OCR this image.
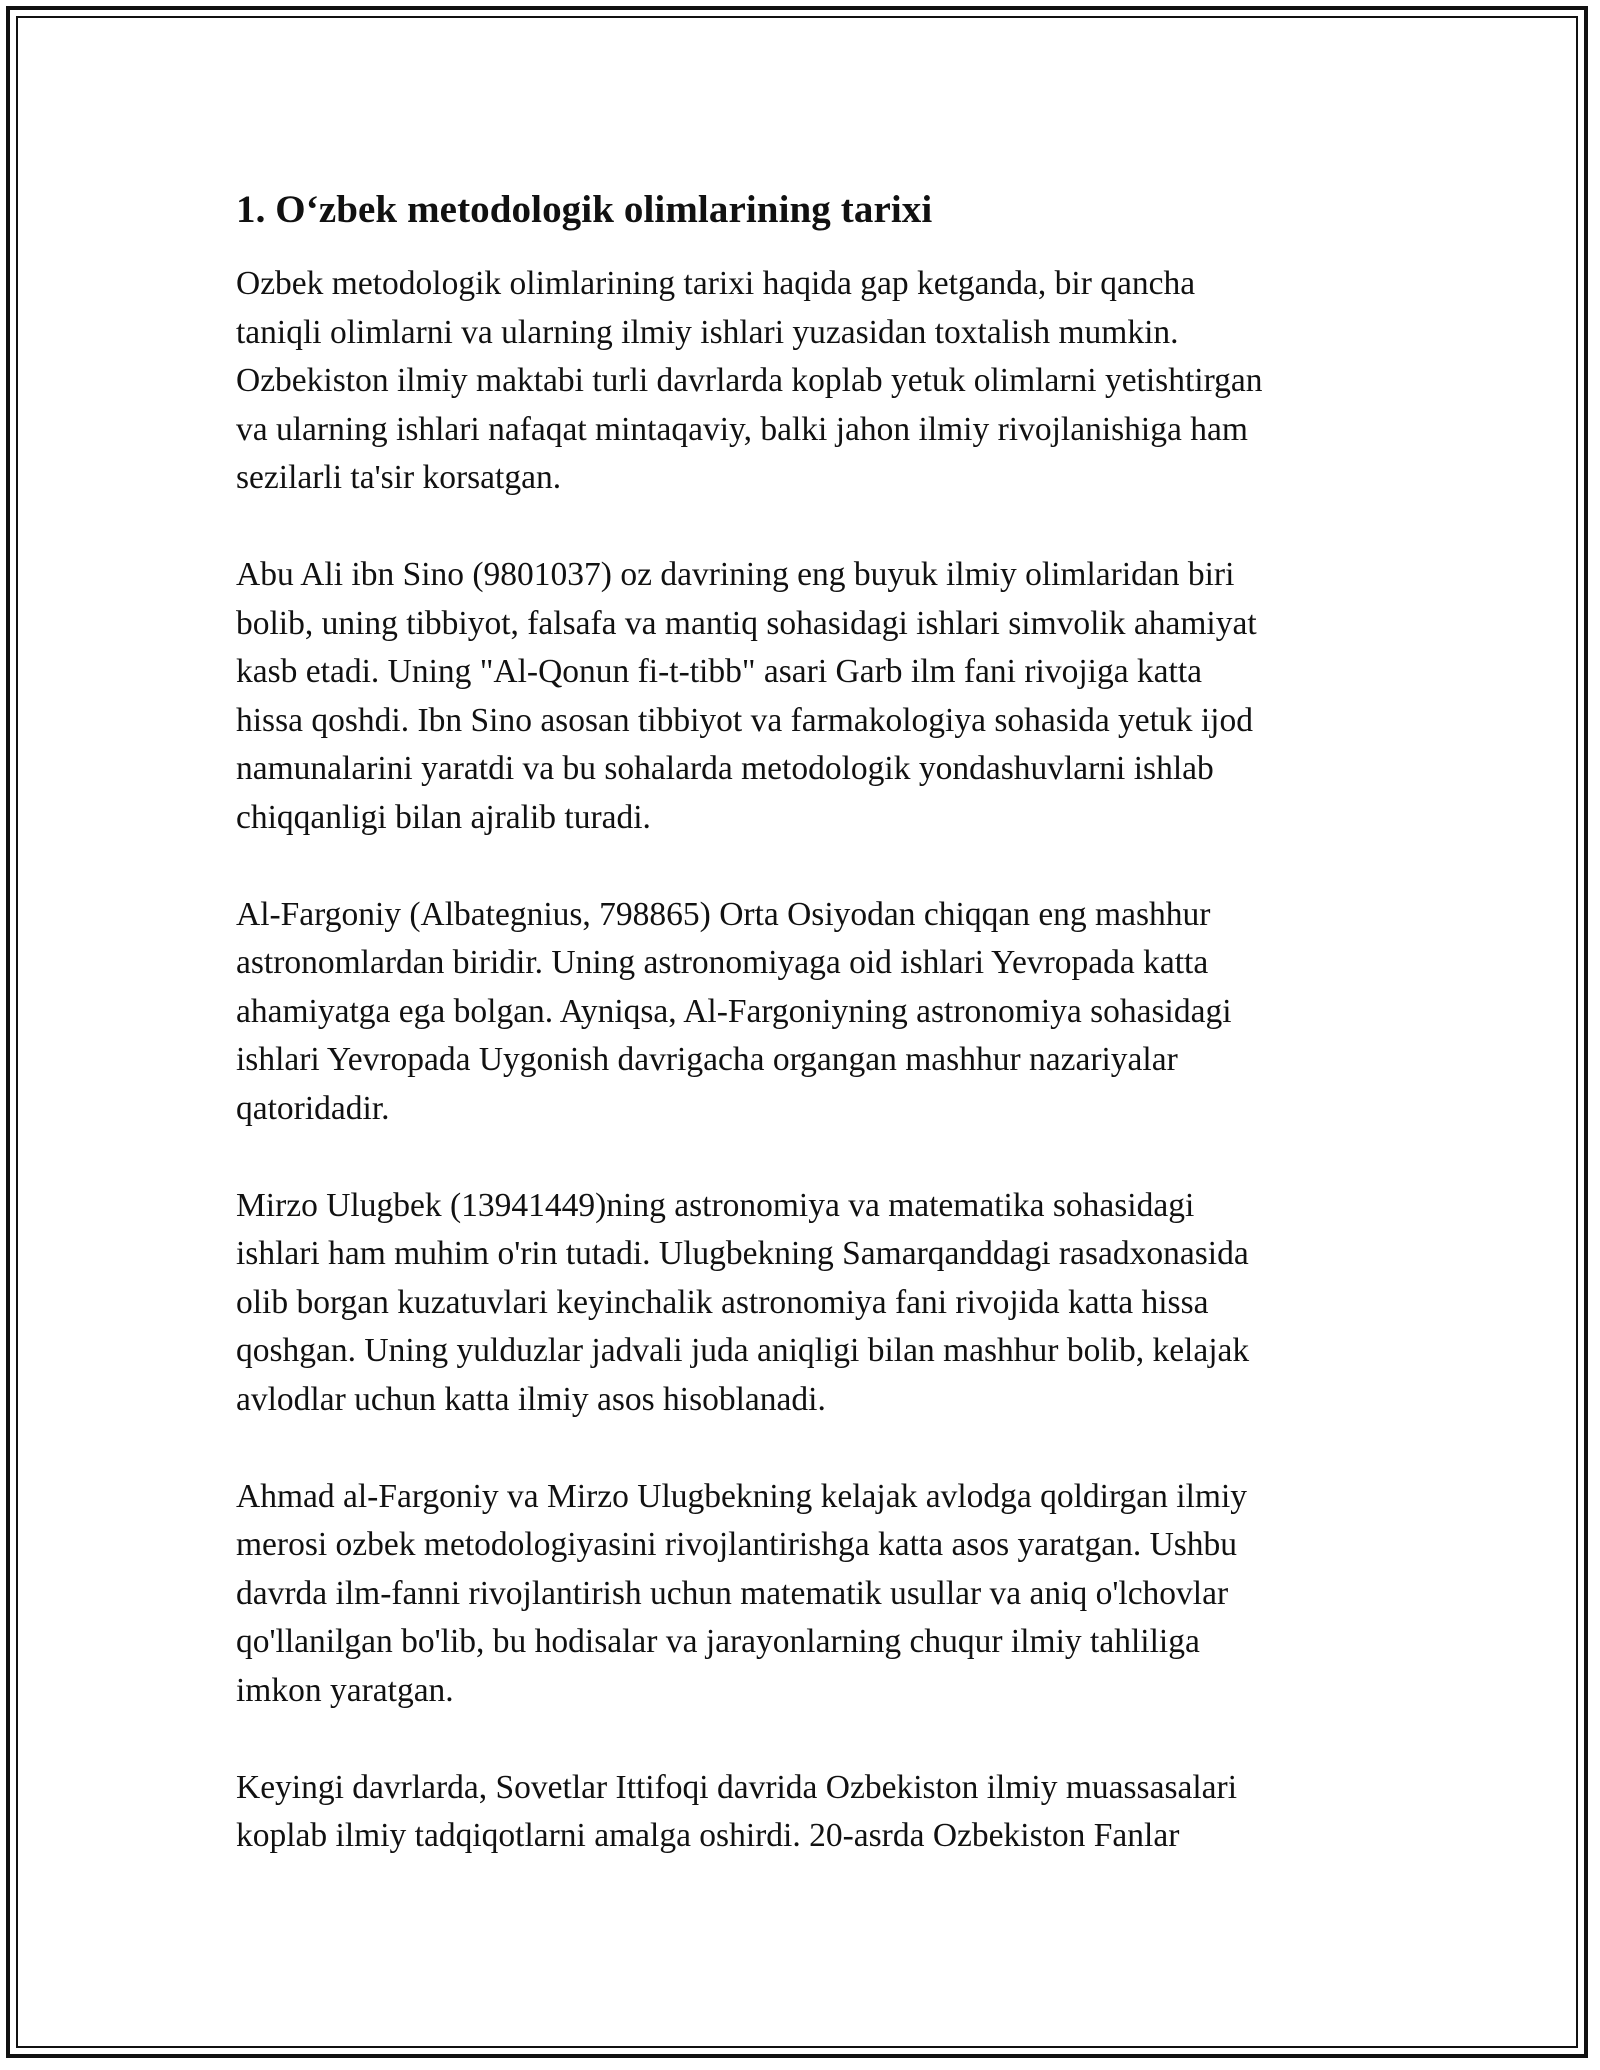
1. O‘zbek metodologik olimlarining tarixi
Ozbek metodologik olimlarining tarixi haqida gap ketganda, bir qancha
taniqli olimlarni va ularning ilmiy ishlari yuzasidan toxtalish mumkin.
Ozbekiston ilmiy maktabi turli davrlarda koplab yetuk olimlarni yetishtirgan
va ularning ishlari nafaqat mintaqaviy, balki jahon ilmiy rivojlanishiga ham
sezilarli ta'sir korsatgan.
Abu Ali ibn Sino (9801037) oz davrining eng buyuk ilmiy olimlaridan biri
bolib, uning tibbiyot, falsafa va mantiq sohasidagi ishlari simvolik ahamiyat
kasb etadi. Uning "Al-Qonun fi-t-tibb" asari Garb ilm fani rivojiga katta
hissa qoshdi. Ibn Sino asosan tibbiyot va farmakologiya sohasida yetuk ijod
namunalarini yaratdi va bu sohalarda metodologik yondashuvlarni ishlab
chiqqanligi bilan ajralib turadi.
Al-Fargoniy (Albategnius, 798865) Orta Osiyodan chiqqan eng mashhur
astronomlardan biridir. Uning astronomiyaga oid ishlari Yevropada katta
ahamiyatga ega bolgan. Ayniqsa, Al-Fargoniyning astronomiya sohasidagi
ishlari Yevropada Uygonish davrigacha organgan mashhur nazariyalar
qatoridadir.
Mirzo Ulugbek (13941449)ning astronomiya va matematika sohasidagi
ishlari ham muhim o'rin tutadi. Ulugbekning Samarqanddagi rasadxonasida
olib borgan kuzatuvlari keyinchalik astronomiya fani rivojida katta hissa
qoshgan. Uning yulduzlar jadvali juda aniqligi bilan mashhur bolib, kelajak
avlodlar uchun katta ilmiy asos hisoblanadi.
Ahmad al-Fargoniy va Mirzo Ulugbekning kelajak avlodga qoldirgan ilmiy
merosi ozbek metodologiyasini rivojlantirishga katta asos yaratgan. Ushbu
davrda ilm-fanni rivojlantirish uchun matematik usullar va aniq o'lchovlar
qo'llanilgan bo'lib, bu hodisalar va jarayonlarning chuqur ilmiy tahliliga
imkon yaratgan.
Keyingi davrlarda, Sovetlar Ittifoqi davrida Ozbekiston ilmiy muassasalari
koplab ilmiy tadqiqotlarni amalga oshirdi. 20-asrda Ozbekiston Fanlar
